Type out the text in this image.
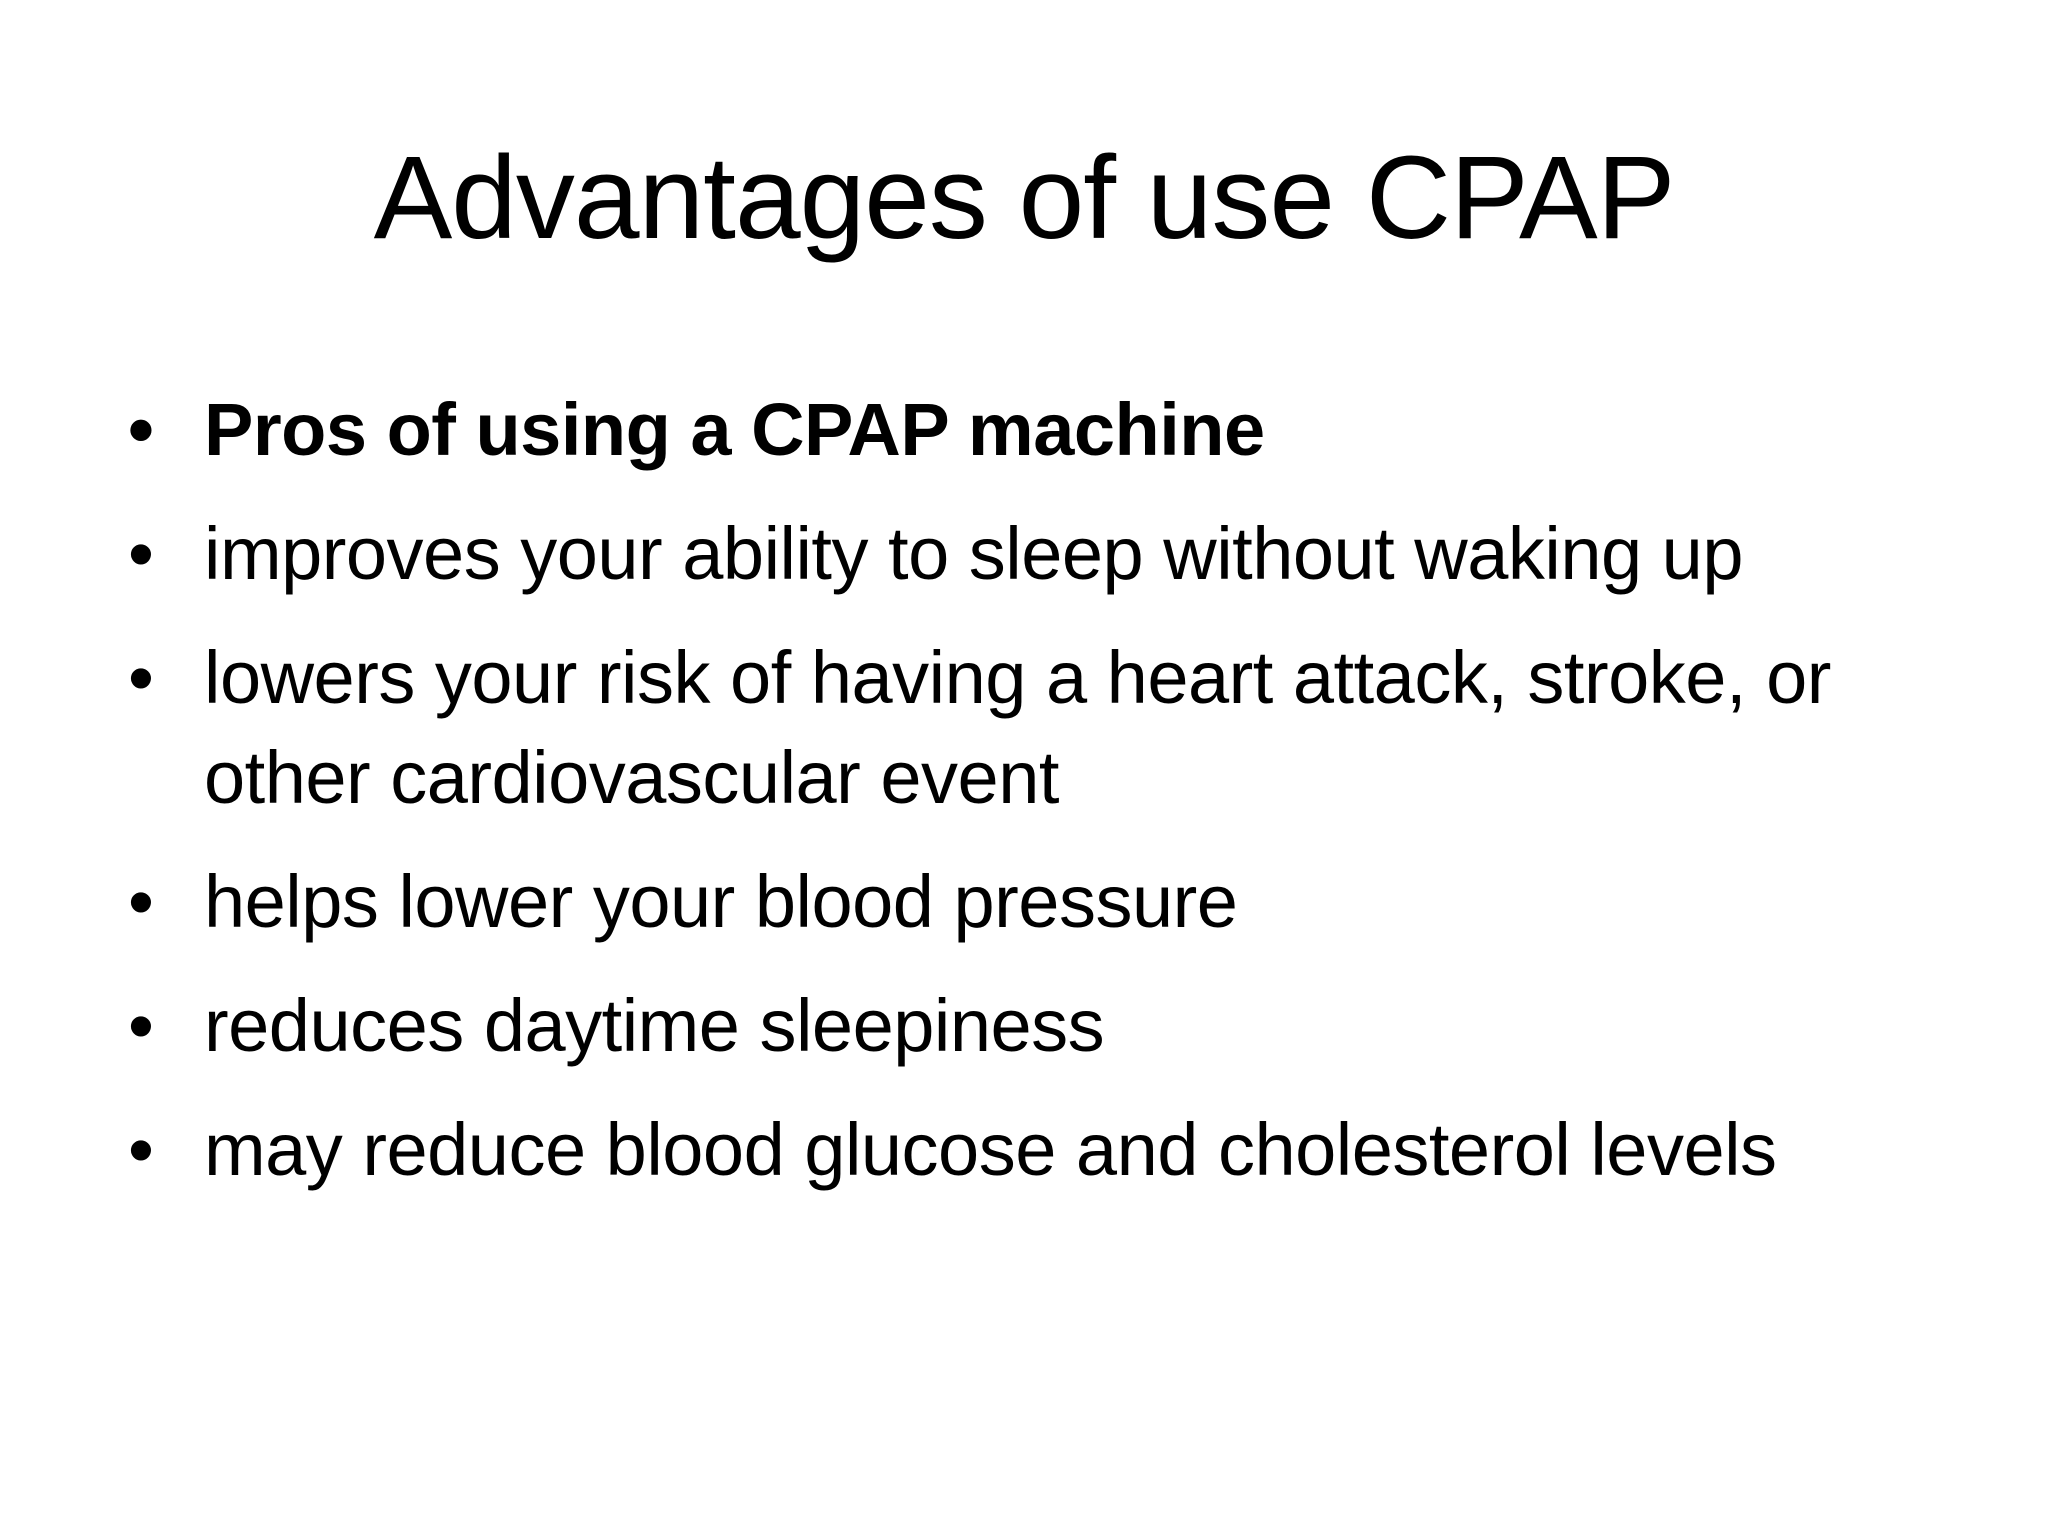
Advantages of use CPAP
• Pros of using a CPAP machine
• improves your ability to sleep without waking up
• lowers your risk of having a heart attack, stroke, or other cardiovascular event
• helps lower your blood pressure
• reduces daytime sleepiness
• may reduce blood glucose and cholesterol levels
